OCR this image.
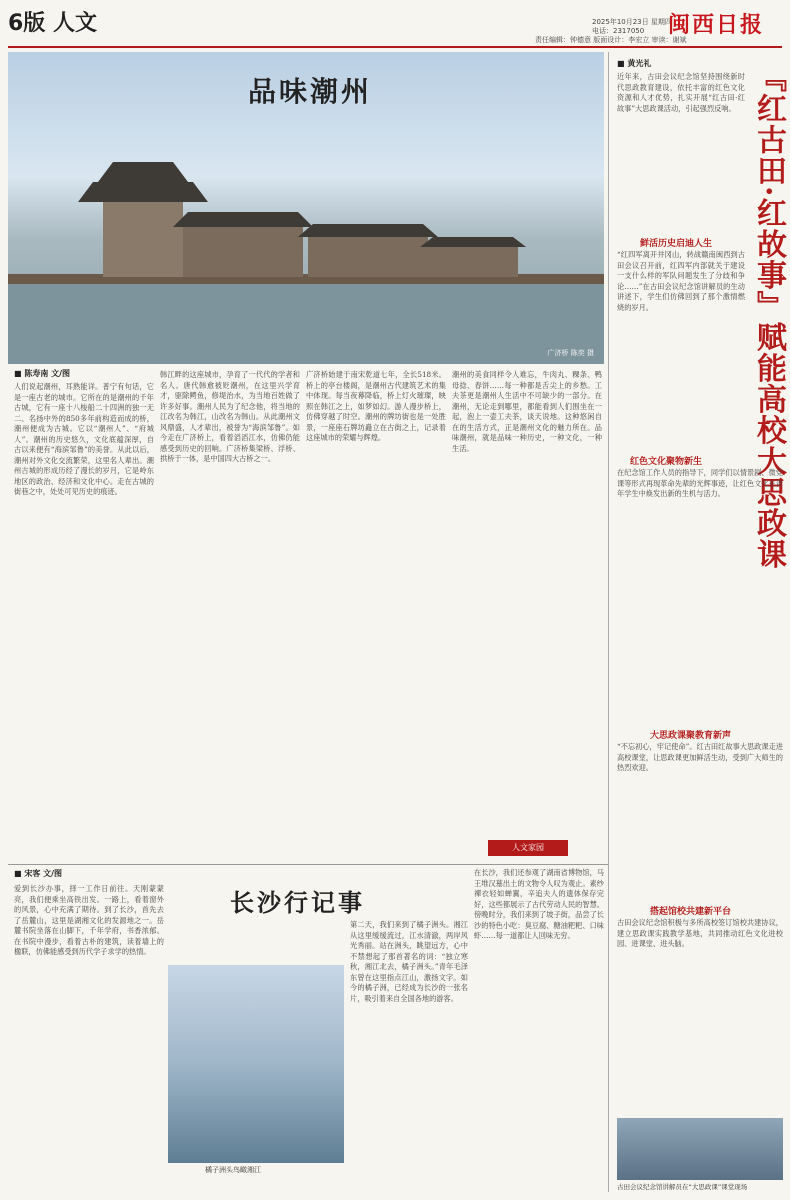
6版 人文	2025年10月23日 星期四
电话：2317050
责任编辑：钟德意 版面设计：李宏立 审读：谢斌
闽西日报
品味潮州
广济桥 陈奕 摄
■ 陈寿南 文/图
人们说起潮州，耳熟能详。普宁有句话，它是一座古老的城市。它所在的是潮州的千年古城，它有一座十八梭船二十四洲的独一无二、名扬中外的850多年前构造而成的桥，潮州便成为古城。它以“潮州人”、“府城人”。潮州的历史悠久，文化底蕴深厚，自古以来便有“海滨邹鲁”的美誉。从此以后，潮州对外文化交流繁荣，这里名人辈出。潮州古城的形成历经了漫长的岁月，它是岭东地区的政治、经济和文化中心。走在古城的街巷之中，处处可见历史的痕迹。
韩江畔的这座城市，孕育了一代代的学者和名人。唐代韩愈被贬潮州，在这里兴学育才，驱除鳄鱼，修堤治水，为当地百姓做了许多好事。潮州人民为了纪念他，将当地的江改名为韩江，山改名为韩山。从此潮州文风鼎盛，人才辈出，被誉为“海滨邹鲁”。如今走在广济桥上，看着滔滔江水，仿佛仍能感受到历史的回响。广济桥集梁桥、浮桥、拱桥于一体，是中国四大古桥之一。
广济桥始建于南宋乾道七年，全长518米。桥上的亭台楼阁，是潮州古代建筑艺术的集中体现。每当夜幕降临，桥上灯火璀璨，映照在韩江之上，如梦如幻。游人漫步桥上，仿佛穿越了时空。潮州的牌坊街也是一处胜景，一座座石牌坊矗立在古街之上，记录着这座城市的荣耀与辉煌。
潮州的美食同样令人难忘，牛肉丸、粿条、鸭母捻、春饼……每一种都是舌尖上的乡愁。工夫茶更是潮州人生活中不可缺少的一部分。在潮州，无论走到哪里，都能看到人们围坐在一起，泡上一壶工夫茶，谈天说地。这种悠闲自在的生活方式，正是潮州文化的魅力所在。品味潮州，就是品味一种历史，一种文化，一种生活。
人文家园
■ 宋客 文/图
长沙行记事
爱到长沙办事，择一工作日前往。天刚蒙蒙亮，我们便乘坐高铁出发。一路上，看着窗外的风景，心中充满了期待。到了长沙，首先去了岳麓山，这里是湖湘文化的发源地之一。岳麓书院坐落在山脚下，千年学府，书香浓郁。在书院中漫步，看着古朴的建筑，读着墙上的楹联，仿佛能感受到历代学子求学的热情。
橘子洲头鸟瞰湘江
第二天，我们来到了橘子洲头。湘江从这里缓缓流过，江水清澈，两岸风光秀丽。站在洲头，眺望远方，心中不禁想起了那首著名的词：“独立寒秋，湘江北去，橘子洲头。”青年毛泽东曾在这里指点江山，激扬文字。如今的橘子洲，已经成为长沙的一张名片，吸引着来自全国各地的游客。
在长沙，我们还参观了湖南省博物馆，马王堆汉墓出土的文物令人叹为观止。素纱襌衣轻如蝉翼，辛追夫人的遗体保存完好，这些都展示了古代劳动人民的智慧。傍晚时分，我们来到了坡子街，品尝了长沙的特色小吃：臭豆腐、糖油粑粑、口味虾……每一道都让人回味无穷。
■ 黄光礼	『红古田·红故事』赋能高校大思政课
近年来，古田会议纪念馆坚持围绕新时代思政教育建设，依托丰富的红色文化资源和人才优势，扎实开展“红古田·红故事”大思政课活动，引起强烈反响。
鲜活历史启迪人生
“红四军离开井冈山，转战赣南闽西到古田会议召开前，红四军内部就关于建设一支什么样的军队问题发生了分歧和争论……”在古田会议纪念馆讲解员的生动讲述下，学生们仿佛回到了那个激情燃烧的岁月。
红色文化聚物新生
在纪念馆工作人员的指导下，同学们以情景剧、微党课等形式再现革命先辈的光辉事迹，让红色文化在青年学生中焕发出新的生机与活力。
大思政课聚教育新声
“不忘初心，牢记使命”。红古田红故事大思政课走进高校课堂，让思政课更加鲜活生动，受到广大师生的热烈欢迎。
搭起馆校共建新平台
古田会议纪念馆积极与多所高校签订馆校共建协议，建立思政课实践教学基地，共同推动红色文化进校园、进课堂、进头脑。
古田会议纪念馆讲解员在“大思政课”课堂现场
